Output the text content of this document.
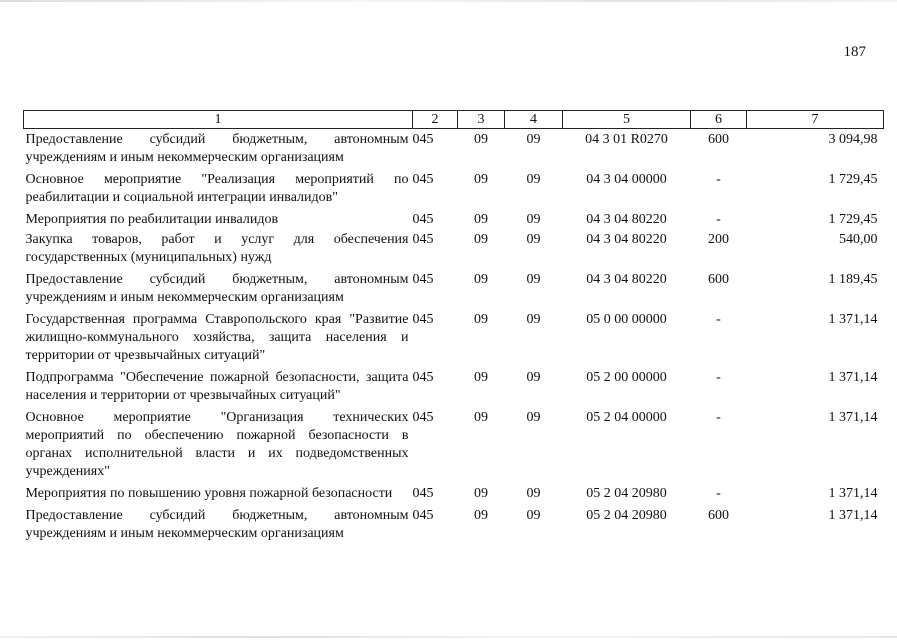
187
1	2	3	4	5	6	7
Предоставление субсидий бюджетным, автономным учреждениям и иным некоммерческим организациям	045	09	09	04 3 01 R0270	600	3 094,98
Основное мероприятие "Реализация мероприятий по реабилитации и социальной интеграции инвалидов"	045	09	09	04 3 04 00000	-	1 729,45
Мероприятия по реабилитации инвалидов	045	09	09	04 3 04 80220	-	1 729,45
Закупка товаров, работ и услуг для обеспечения государственных (муниципальных) нужд	045	09	09	04 3 04 80220	200	540,00
Предоставление субсидий бюджетным, автономным учреждениям и иным некоммерческим организациям	045	09	09	04 3 04 80220	600	1 189,45
Государственная программа Ставропольского края "Развитие жилищно-коммунального хозяйства, защита населения и территории от чрезвычайных ситуаций"	045	09	09	05 0 00 00000	-	1 371,14
Подпрограмма "Обеспечение пожарной безопасности, защита населения и территории от чрезвычайных ситуаций"	045	09	09	05 2 00 00000	-	1 371,14
Основное мероприятие "Организация технических мероприятий по обеспечению пожарной безопасности в органах исполнительной власти и их подведомственных учреждениях"	045	09	09	05 2 04 00000	-	1 371,14
Мероприятия по повышению уровня пожарной безопасности	045	09	09	05 2 04 20980	-	1 371,14
Предоставление субсидий бюджетным, автономным учреждениям и иным некоммерческим организациям	045	09	09	05 2 04 20980	600	1 371,14
